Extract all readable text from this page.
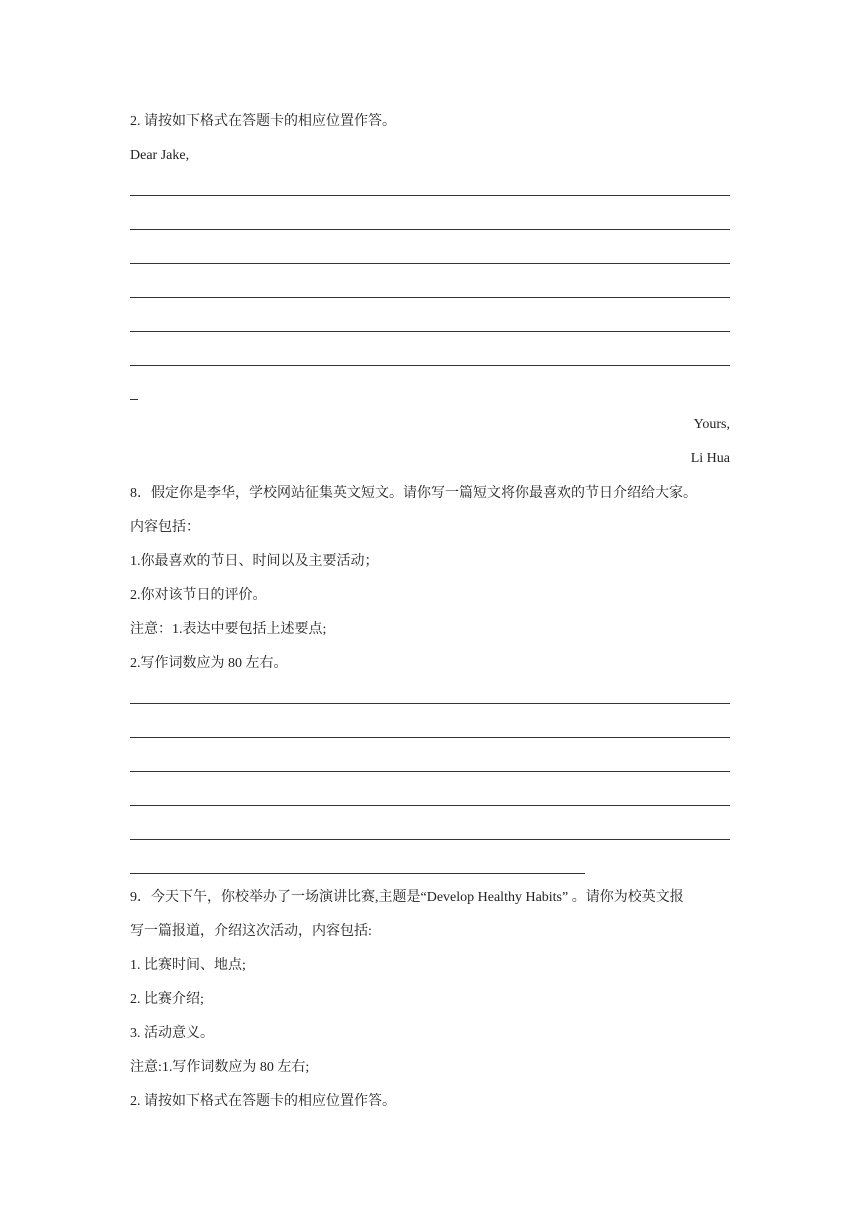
2. 请按如下格式在答题卡的相应位置作答。
Dear Jake,
Yours,
Li Hua
8．假定你是李华，学校网站征集英文短文。请你写一篇短文将你最喜欢的节日介绍给大家。
内容包括：
1.你最喜欢的节日、时间以及主要活动；
2.你对该节日的评价。
注意：1.表达中要包括上述要点;
2.写作词数应为 80 左右。
9．今天下午，你校举办了一场演讲比赛,主题是“Develop Healthy Habits” 。请你为校英文报
写一篇报道，介绍这次活动，内容包括:
1. 比赛时间、地点;
2. 比赛介绍;
3. 活动意义。
注意:1.写作词数应为 80 左右;
2. 请按如下格式在答题卡的相应位置作答。
